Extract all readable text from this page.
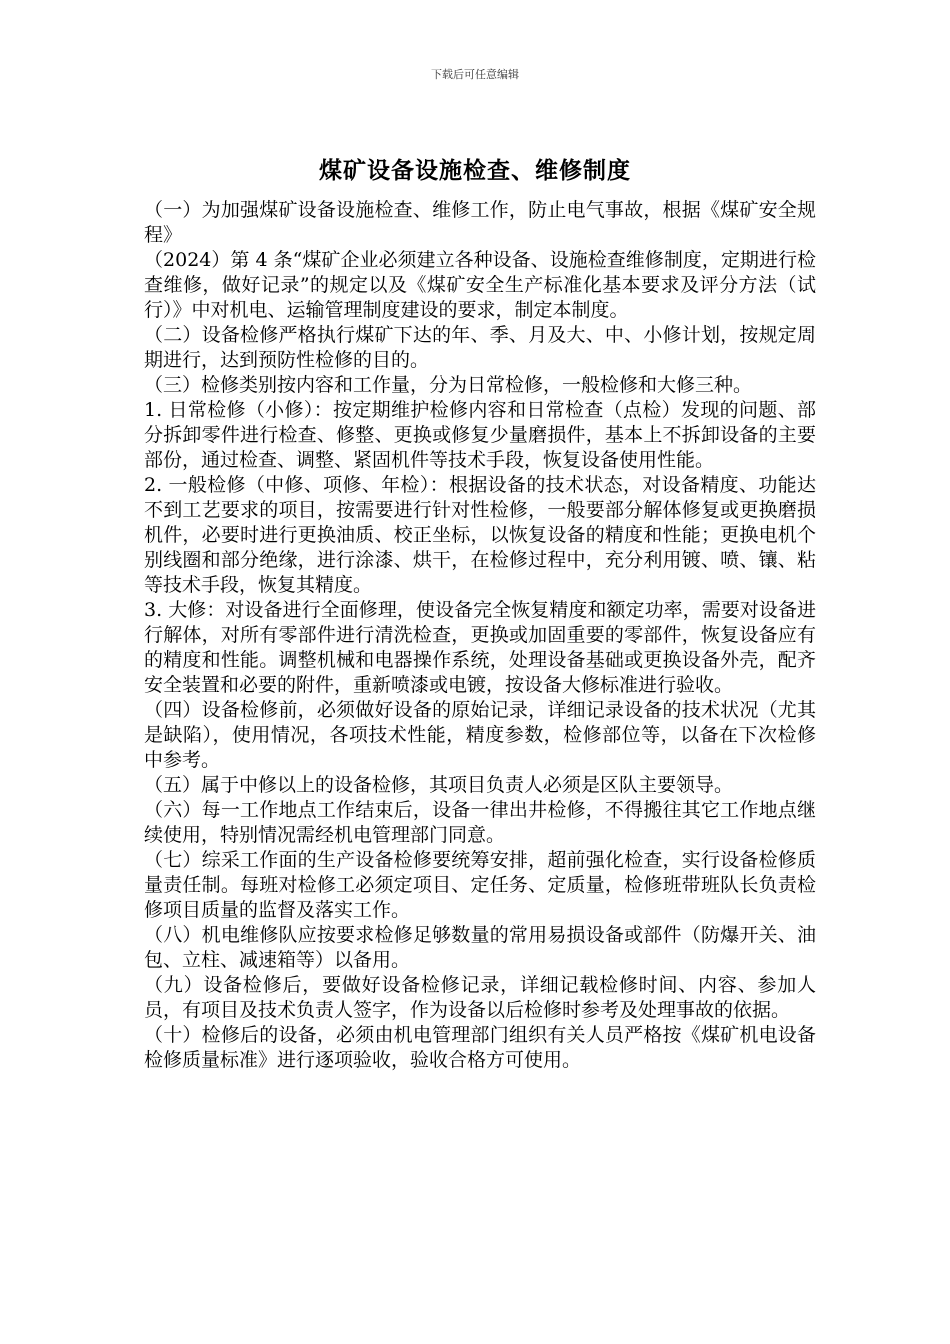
下载后可任意编辑
煤矿设备设施检查、维修制度

（一）为加强煤矿设备设施检查、维修工作，防止电气事故，根据《煤矿安全规程》

（2024）第 4 条“煤矿企业必须建立各种设备、设施检查维修制度，定期进行检查维修，做好记录”的规定以及《煤矿安全生产标准化基本要求及评分方法（试行）》中对机电、运输管理制度建设的要求，制定本制度。

（二）设备检修严格执行煤矿下达的年、季、月及大、中、小修计划，按规定周期进行，达到预防性检修的目的。

（三）检修类别按内容和工作量，分为日常检修，一般检修和大修三种。

1. 日常检修（小修）：按定期维护检修内容和日常检查（点检）发现的问题、部分拆卸零件进行检查、修整、更换或修复少量磨损件，基本上不拆卸设备的主要部份，通过检查、调整、紧固机件等技术手段，恢复设备使用性能。

2. 一般检修（中修、项修、年检）：根据设备的技术状态，对设备精度、功能达不到工艺要求的项目，按需要进行针对性检修，一般要部分解体修复或更换磨损机件，必要时进行更换油质、校正坐标，以恢复设备的精度和性能；更换电机个别线圈和部分绝缘，进行涂漆、烘干，在检修过程中，充分利用镀、喷、镶、粘等技术手段，恢复其精度。

3. 大修：对设备进行全面修理，使设备完全恢复精度和额定功率，需要对设备进行解体，对所有零部件进行清洗检查，更换或加固重要的零部件，恢复设备应有的精度和性能。调整机械和电器操作系统，处理设备基础或更换设备外壳，配齐安全装置和必要的附件，重新喷漆或电镀，按设备大修标准进行验收。

（四）设备检修前，必须做好设备的原始记录，详细记录设备的技术状况（尤其是缺陷），使用情况，各项技术性能，精度参数，检修部位等，以备在下次检修中参考。

（五）属于中修以上的设备检修，其项目负责人必须是区队主要领导。

（六）每一工作地点工作结束后，设备一律出井检修，不得搬往其它工作地点继续使用，特别情况需经机电管理部门同意。

（七）综采工作面的生产设备检修要统筹安排，超前强化检查，实行设备检修质量责任制。每班对检修工必须定项目、定任务、定质量，检修班带班队长负责检修项目质量的监督及落实工作。

（八）机电维修队应按要求检修足够数量的常用易损设备或部件（防爆开关、油包、立柱、减速箱等）以备用。

（九）设备检修后，要做好设备检修记录，详细记载检修时间、内容、参加人员，有项目及技术负责人签字，作为设备以后检修时参考及处理事故的依据。

（十）检修后的设备，必须由机电管理部门组织有关人员严格按《煤矿机电设备检修质量标准》进行逐项验收，验收合格方可使用。
